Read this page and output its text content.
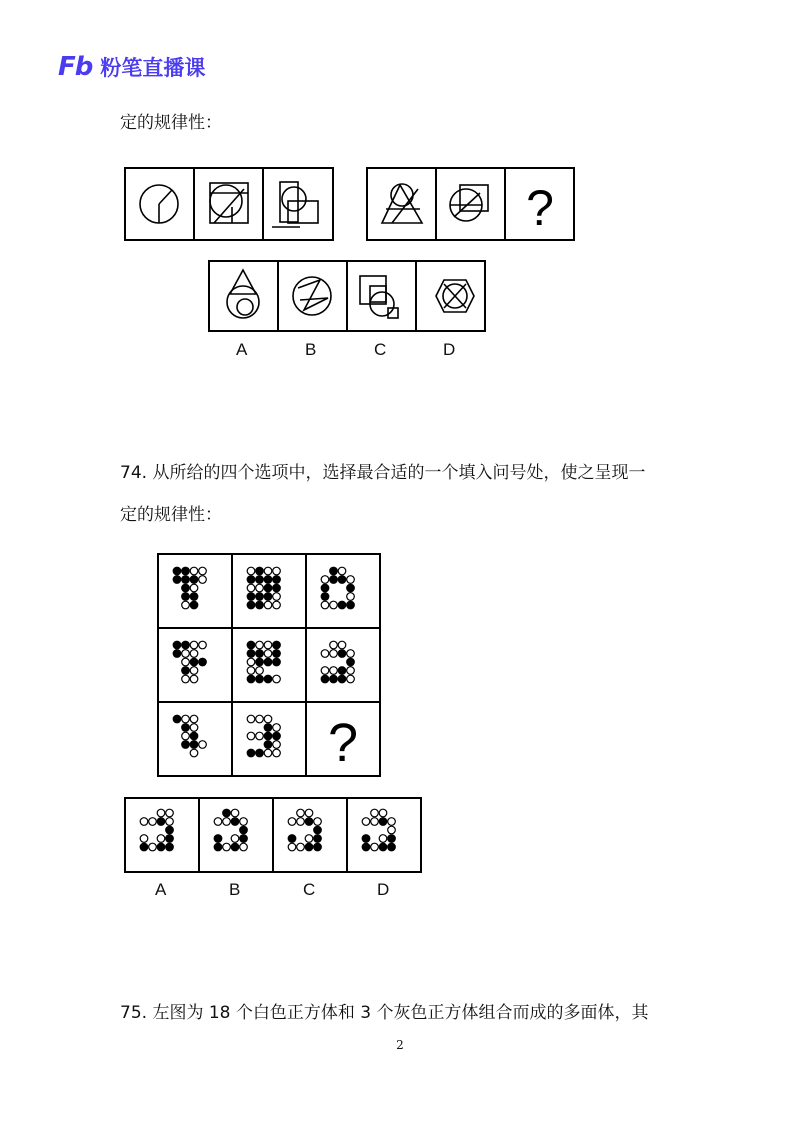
Fb 粉笔直播课
定的规律性：
?
A	B	C	D
74. 从所给的四个选项中，选择最合适的一个填入问号处，使之呈现一
定的规律性：
?
A	B	C	D
75. 左图为 18 个白色正方体和 3 个灰色正方体组合而成的多面体，其
2
